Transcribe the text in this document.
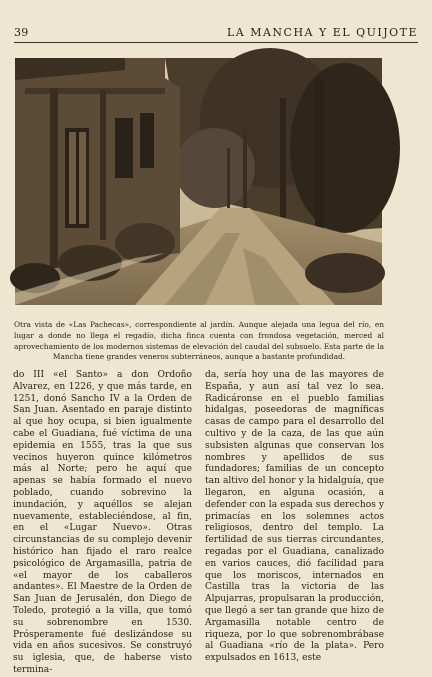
39	LA MANCHA Y EL QUIJOTE

Otra vista de «Las Pachecas», correspondiente al jardín. Aunque alejada una legua del río, en lugar a donde no llega el regadío, dicha finca cuenta con frondosa vegetación, merced al aprovechamiento de los modernos sistemas de elevación del caudal del subsuelo. Esta parte de la Mancha tiene grandes veneros subterráneos, aunque a bastante profundidad.

do III «el Santo» a don Ordoño Alvarez, en 1226, y que más tarde, en 1251, donó Sancho IV a la Orden de San Juan. Asentado en paraje distinto al que hoy ocupa, si bien igualmente cabe el Guadiana, fué víctima de una epidemia en 1555, tras la que sus vecinos huyeron quince kilómetros más al Norte; pero he aquí que apenas se había formado el nuevo poblado, cuando sobrevino la inundación, y aquéllos se alejan nuevamente, estableciéndose, al fin, en el «Lugar Nuevo». Otras circunstancias de su complejo devenir histórico han fijado el raro realce psicológico de Argamasilla, patria de «el mayor de los caballeros andantes». El Maestre de la Orden de San Juan de Jerusalén, don Diego de Toledo, protegió a la villa, que tomó su sobrenombre en 1530. Prósperamente fué deslizándose su vida en años sucesivos. Se construyó su iglesia, que, de haberse visto termina-
da, sería hoy una de las mayores de España, y aun así tal vez lo sea. Radicáronse en el pueblo familias hidalgas, poseedoras de magníficas casas de campo para el desarrollo del cultivo y de la caza, de las que aún subsisten algunas que conservan los nombres y apellidos de sus fundadores; familias de un concepto tan altivo del honor y la hidalguía, que llegaron, en alguna ocasión, a defender con la espada sus derechos y primacías en los solemnes actos religiosos, dentro del templo. La fertilidad de sus tierras circundantes, regadas por el Guadiana, canalizado en varios cauces, dió facilidad para que los moriscos, internados en Castilla tras la victoria de las Alpujarras, propulsaran la producción, que llegó a ser tan grande que hizo de Argamasilla notable centro de riqueza, por lo que sobrenombrábase al Guadiana «río de la plata». Pero expulsados en 1613, este
